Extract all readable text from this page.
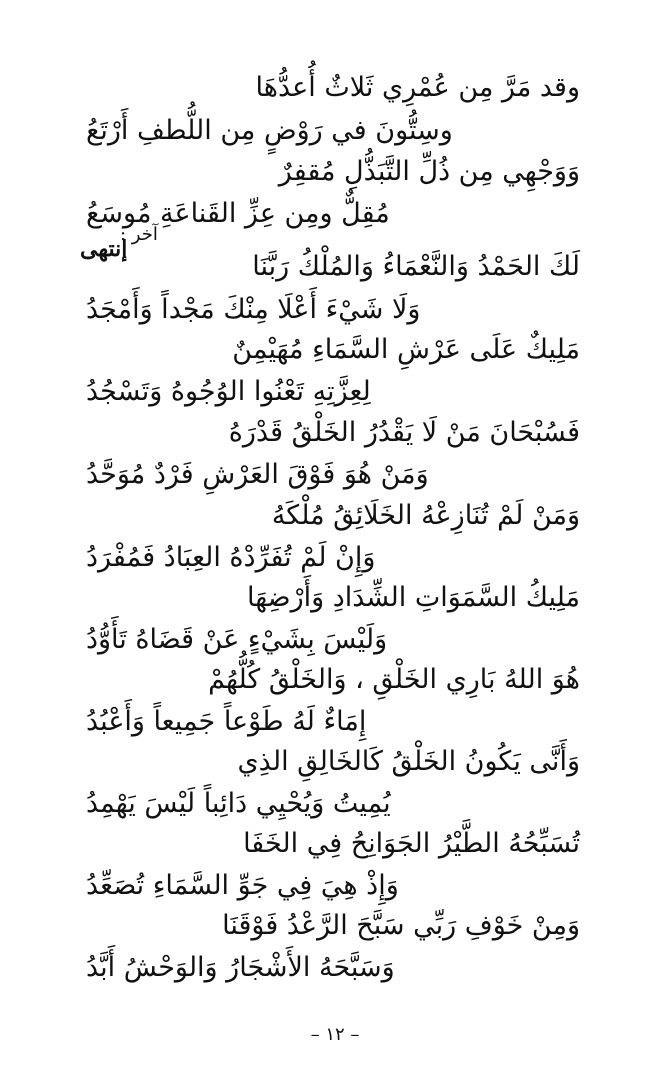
وقد مَرَّ مِن عُمْرِي ثَلاثٌ أُعدُّهَا
وسِتُّونَ في رَوْضٍ مِن اللُّطفِ أَرْتَعُ
وَوَجْهِي مِن ذُلِّ التَّبَذُّلِ مُقفِرٌ
مُقِلٌّ ومِن عِزِّ القَناعَةِ مُوسَعُ
آخر :
إنتهى
لَكَ الحَمْدُ وَالنَّعْمَاءُ وَالمُلْكُ رَبَّنَا
وَلَا شَيْءَ أَعْلَا مِنْكَ مَجْداً وَأَمْجَدُ
مَلِيكٌ عَلَى عَرْشِ السَّمَاءِ مُهَيْمِنٌ
لِعِزَّتِهِ تَعْنُوا الوُجُوهُ وَتَسْجُدُ
فَسُبْحَانَ مَنْ لَا يَقْدُرُ الخَلْقُ قَدْرَهُ
وَمَنْ هُوَ فَوْقَ العَرْشِ فَرْدٌ مُوَحَّدُ
وَمَنْ لَمْ تُنَازِعْهُ الخَلَائِقُ مُلْكَهُ
وَإِنْ لَمْ تُفَرِّدْهُ العِبَادُ فَمُفْرَدُ
مَلِيكُ السَّمَوَاتِ الشِّدَادِ وَأَرْضِهَا
وَلَيْسَ بِشَيْءٍ عَنْ قَضَاهُ تَأَوُّدُ
هُوَ اللهُ بَارِي الخَلْقِ ، وَالخَلْقُ كُلُّهُمْ
إِمَاءٌ لَهُ طَوْعاً جَمِيعاً وَأَعْبُدُ
وَأَنَّى يَكُونُ الخَلْقُ كَالخَالِقِ الذِي
يُمِيتُ وَيُحْيِي دَائِباً لَيْسَ يَهْمِدُ
تُسَبِّحُهُ الطَّيْرُ الجَوَانِحُ فِي الخَفَا
وَإِذْ هِيَ فِي جَوِّ السَّمَاءِ تُصَعِّدُ
وَمِنْ خَوْفِ رَبِّي سَبَّحَ الرَّعْدُ فَوْقَنَا
وَسَبَّحَهُ الأَشْجَارُ وَالوَحْشُ أَبَّدُ
– ١٢ –
